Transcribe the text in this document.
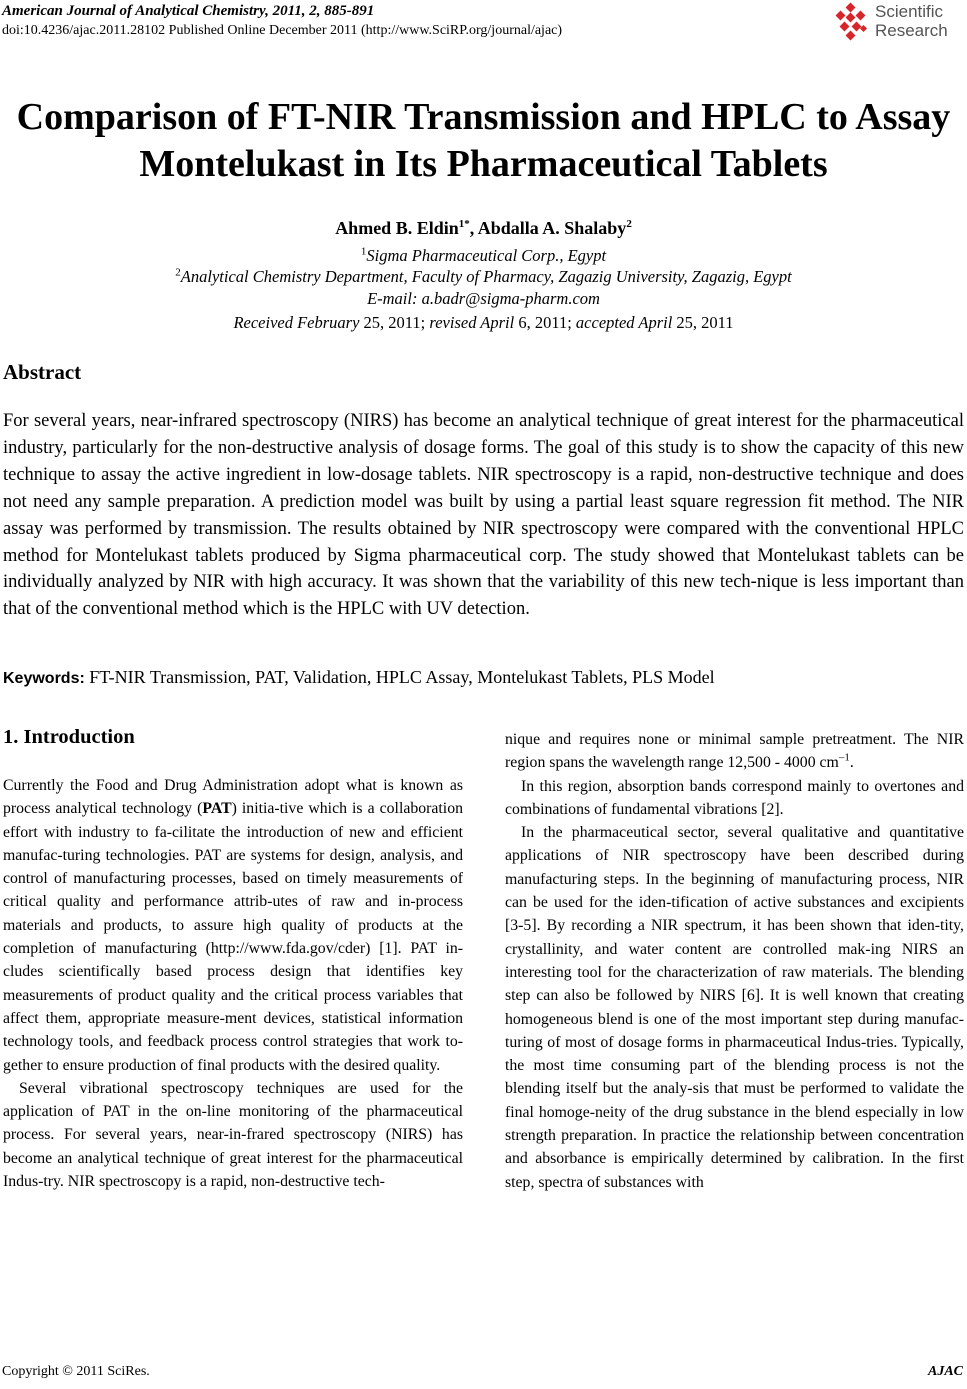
American Journal of Analytical Chemistry, 2011, 2, 885-891
doi:10.4236/ajac.2011.28102 Published Online December 2011 (http://www.SciRP.org/journal/ajac)
Scientific
Research
Comparison of FT-NIR Transmission and HPLC to Assay
Montelukast in Its Pharmaceutical Tablets
Ahmed B. Eldin$^{1*}$, Abdalla A. Shalaby$^2$
$^1$Sigma Pharmaceutical Corp., Egypt
$^2$Analytical Chemistry Department, Faculty of Pharmacy, Zagazig University, Zagazig, Egypt
E-mail: a.badr@sigma-pharm.com
Received February 25, 2011; revised April 6, 2011; accepted April 25, 2011
Abstract

For several years, near-infrared spectroscopy (NIRS) has become an analytical technique of great interest for the pharmaceutical industry, particularly for the non-destructive analysis of dosage forms. The goal of this study is to show the capacity of this new technique to assay the active ingredient in low-dosage tablets. NIR spectroscopy is a rapid, non-destructive technique and does not need any sample preparation. A prediction model was built by using a partial least square regression fit method. The NIR assay was performed by transmission. The results obtained by NIR spectroscopy were compared with the conventional HPLC method for Montelukast tablets produced by Sigma pharmaceutical corp. The study showed that Montelukast tablets can be individually analyzed by NIR with high accuracy. It was shown that the variability of this new tech-nique is less important than that of the conventional method which is the HPLC with UV detection.

Keywords: FT-NIR Transmission, PAT, Validation, HPLC Assay, Montelukast Tablets, PLS Model
1. Introduction

Currently the Food and Drug Administration adopt what is known as process analytical technology (PAT) initia-tive which is a collaboration effort with industry to fa-cilitate the introduction of new and efficient manufac-turing technologies. PAT are systems for design, analysis, and control of manufacturing processes, based on timely measurements of critical quality and performance attrib-utes of raw and in-process materials and products, to assure high quality of products at the completion of manufacturing (http://www.fda.gov/cder) [1]. PAT in-cludes scientifically based process design that identifies key measurements of product quality and the critical process variables that affect them, appropriate measure-ment devices, statistical information technology tools, and feedback process control strategies that work to-gether to ensure production of final products with the desired quality.

Several vibrational spectroscopy techniques are used for the application of PAT in the on-line monitoring of the pharmaceutical process. For several years, near-in-frared spectroscopy (NIRS) has become an analytical technique of great interest for the pharmaceutical Indus-try. NIR spectroscopy is a rapid, non-destructive tech-

nique and requires none or minimal sample pretreatment. The NIR region spans the wavelength range 12,500 - 4000 $cm^{-1}$.

In this region, absorption bands correspond mainly to overtones and combinations of fundamental vibrations [2].

In the pharmaceutical sector, several qualitative and quantitative applications of NIR spectroscopy have been described during manufacturing steps. In the beginning of manufacturing process, NIR can be used for the iden-tification of active substances and excipients [3-5]. By recording a NIR spectrum, it has been shown that iden-tity, crystallinity, and water content are controlled mak-ing NIRS an interesting tool for the characterization of raw materials. The blending step can also be followed by NIRS [6]. It is well known that creating homogeneous blend is one of the most important step during manufac-turing of most of dosage forms in pharmaceutical Indus-tries. Typically, the most time consuming part of the blending process is not the blending itself but the analy-sis that must be performed to validate the final homoge-neity of the drug substance in the blend especially in low strength preparation. In practice the relationship between concentration and absorbance is empirically determined by calibration. In the first step, spectra of substances with

Copyright © 2011 SciRes.	AJAC
